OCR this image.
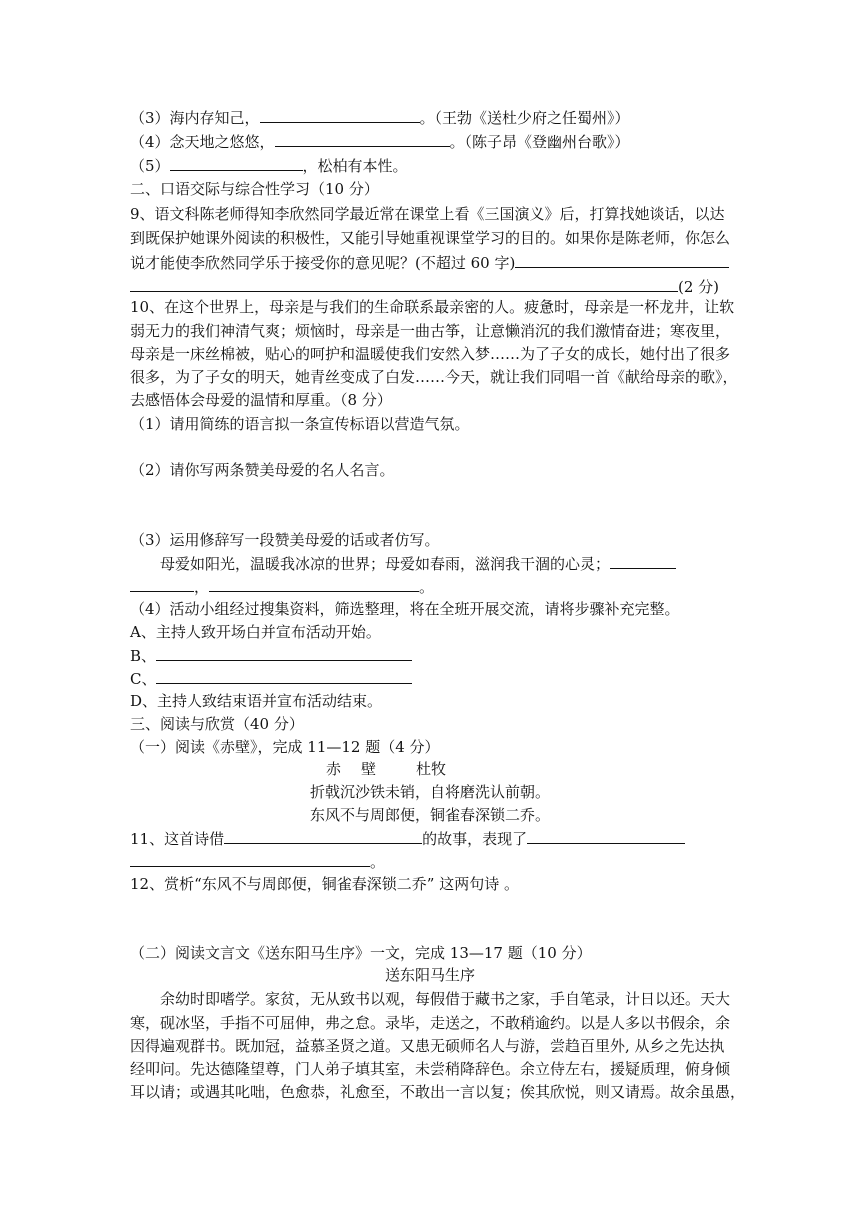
（3）海内存知己，	。（王勃《送杜少府之任蜀州》）
（4）念天地之悠悠，	。（陈子昂《登幽州台歌》）
（5）	，松柏有本性。
二、口语交际与综合性学习（10 分）
9、语文科陈老师得知李欣然同学最近常在课堂上看《三国演义》后，打算找她谈话，以达
到既保护她课外阅读的积极性，又能引导她重视课堂学习的目的。如果你是陈老师，你怎么
说才能使李欣然同学乐于接受你的意见呢？(不超过 60 字)
(2 分)
10、在这个世界上，母亲是与我们的生命联系最亲密的人。疲惫时，母亲是一杯龙井，让软
弱无力的我们神清气爽；烦恼时，母亲是一曲古筝，让意懒消沉的我们激情奋进；寒夜里，
母亲是一床丝棉被，贴心的呵护和温暖使我们安然入梦……为了子女的成长，她付出了很多
很多，为了子女的明天，她青丝变成了白发……今天，就让我们同唱一首《献给母亲的歌》，
去感悟体会母爱的温情和厚重。（8 分）
（1）请用简练的语言拟一条宣传标语以营造气氛。
（2）请你写两条赞美母爱的名人名言。
（3）运用修辞写一段赞美母爱的话或者仿写。
母爱如阳光，温暖我冰凉的世界；母爱如春雨，滋润我干涸的心灵；
，	。
（4）活动小组经过搜集资料，筛选整理，将在全班开展交流，请将步骤补充完整。
A、主持人致开场白并宣布活动开始。
B、
C、
D、主持人致结束语并宣布活动结束。
三、阅读与欣赏（40 分）
（一）阅读《赤壁》，完成 11—12 题（4 分）
赤 壁	杜牧
折戟沉沙铁未销，自将磨洗认前朝。
东风不与周郎便，铜雀春深锁二乔。
11、这首诗借	的故事，表现了
。
12、赏析“东风不与周郎便，铜雀春深锁二乔” 这两句诗 。
（二）阅读文言文《送东阳马生序》一文，完成 13—17 题（10 分）
送东阳马生序
余幼时即嗜学。家贫，无从致书以观，每假借于藏书之家，手自笔录，计日以还。天大
寒，砚冰坚，手指不可屈伸，弗之怠。录毕，走送之，不敢稍逾约。以是人多以书假余，余
因得遍观群书。既加冠，益慕圣贤之道。又患无硕师名人与游，尝趋百里外, 从乡之先达执
经叩问。先达德隆望尊，门人弟子填其室，未尝稍降辞色。余立侍左右，援疑质理，俯身倾
耳以请；或遇其叱咄，色愈恭，礼愈至，不敢出一言以复；俟其欣悦，则又请焉。故余虽愚，
